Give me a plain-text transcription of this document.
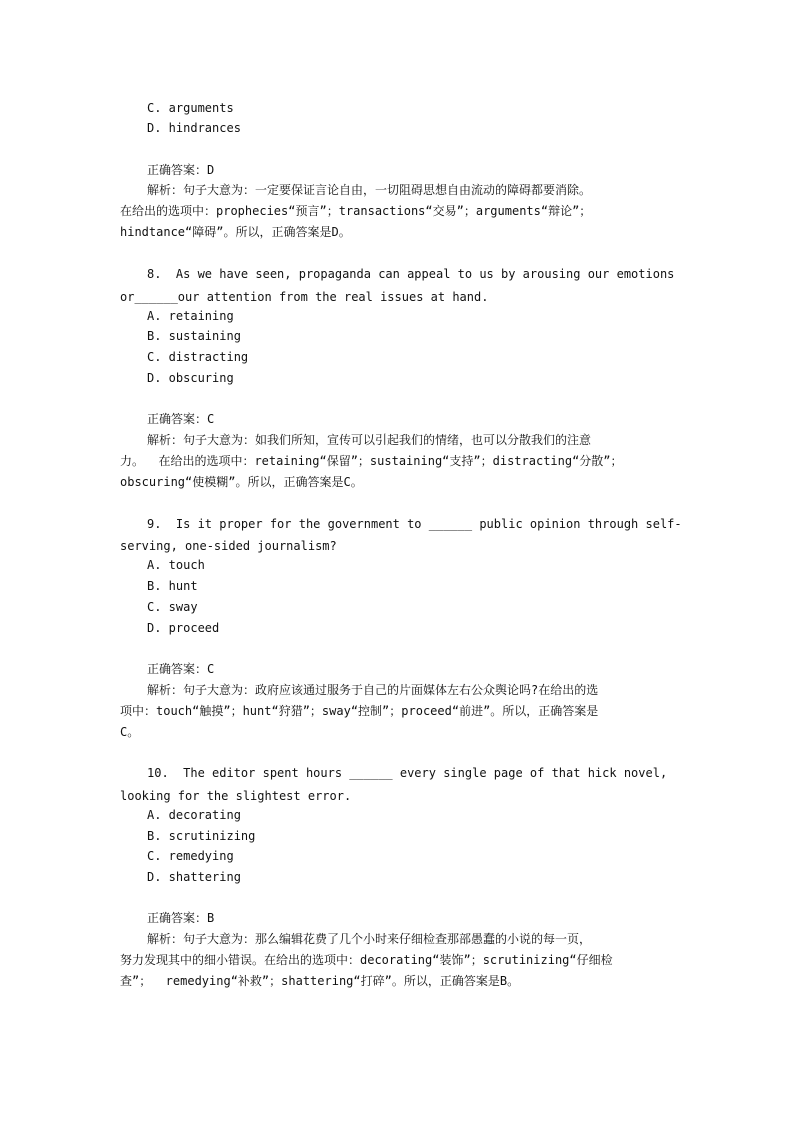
C. arguments
D. hindrances
正确答案：D
解析：句子大意为：一定要保证言论自由，一切阻碍思想自由流动的障碍都要消除。
在给出的选项中：prophecies“预言”；transactions“交易”；arguments“辩论”；
hindtance“障碍”。所以，正确答案是D。
8.  As we have seen, propaganda can appeal to us by arousing our emotions
or______our attention from the real issues at hand.
A. retaining
B. sustaining
C. distracting
D. obscuring
正确答案：C
解析：句子大意为：如我们所知，宣传可以引起我们的情绪，也可以分散我们的注意
力。  在给出的选项中：retaining“保留”；sustaining“支持”；distracting“分散”；
obscuring“使模糊”。所以，正确答案是C。
9.  Is it proper for the government to ______ public opinion through self-
serving, one-sided journalism?
A. touch
B. hunt
C. sway
D. proceed
正确答案：C
解析：句子大意为：政府应该通过服务于自己的片面媒体左右公众舆论吗?在给出的选
项中：touch“触摸”；hunt“狩猎”；sway“控制”；proceed“前进”。所以，正确答案是
C。
10.  The editor spent hours ______ every single page of that hick novel,
looking for the slightest error.
A. decorating
B. scrutinizing
C. remedying
D. shattering
正确答案：B
解析：句子大意为：那么编辑花费了几个小时来仔细检查那部愚蠢的小说的每一页，
努力发现其中的细小错误。在给出的选项中：decorating“装饰”；scrutinizing“仔细检
查”；  remedying“补救”；shattering“打碎”。所以，正确答案是B。
